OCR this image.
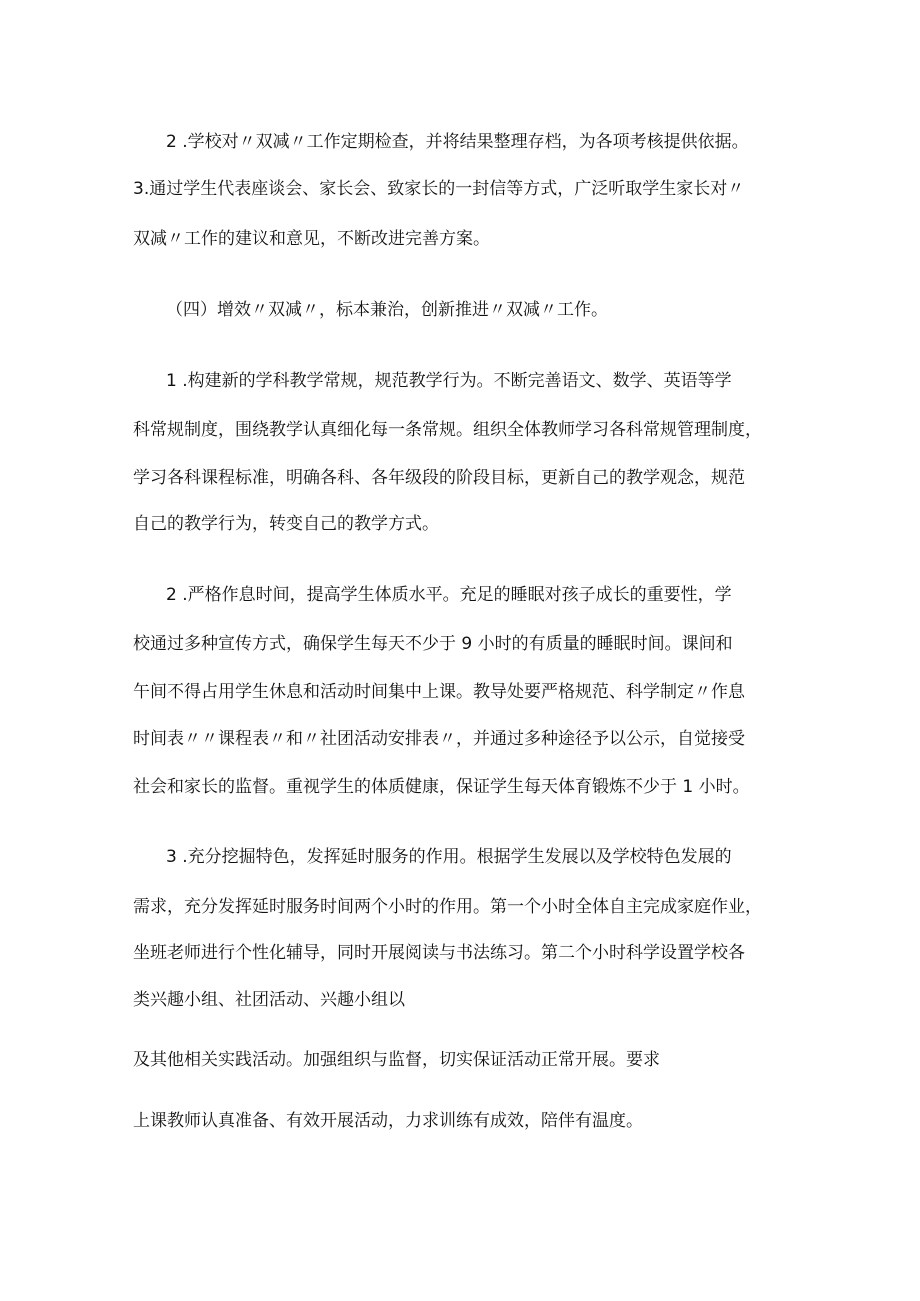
2 .学校对〃双减〃工作定期检查，并将结果整理存档，为各项考核提供依据。
3.通过学生代表座谈会、家长会、致家长的一封信等方式，广泛听取学生家长对〃
双减〃工作的建议和意见，不断改进完善方案。
（四）增效〃双减〃，标本兼治，创新推进〃双减〃工作。
1 .构建新的学科教学常规，规范教学行为。不断完善语文、数学、英语等学
科常规制度，围绕教学认真细化每一条常规。组织全体教师学习各科常规管理制度，
学习各科课程标准，明确各科、各年级段的阶段目标，更新自己的教学观念，规范
自己的教学行为，转变自己的教学方式。
2 .严格作息时间，提高学生体质水平。充足的睡眠对孩子成长的重要性，学
校通过多种宣传方式，确保学生每天不少于 9 小时的有质量的睡眠时间。课间和
午间不得占用学生休息和活动时间集中上课。教导处要严格规范、科学制定〃作息
时间表〃〃课程表〃和〃社团活动安排表〃，并通过多种途径予以公示，自觉接受
社会和家长的监督。重视学生的体质健康，保证学生每天体育锻炼不少于 1 小时。
3 .充分挖掘特色，发挥延时服务的作用。根据学生发展以及学校特色发展的
需求，充分发挥延时服务时间两个小时的作用。第一个小时全体自主完成家庭作业，
坐班老师进行个性化辅导，同时开展阅读与书法练习。第二个小时科学设置学校各
类兴趣小组、社团活动、兴趣小组以
及其他相关实践活动。加强组织与监督，切实保证活动正常开展。要求
上课教师认真准备、有效开展活动，力求训练有成效，陪伴有温度。
